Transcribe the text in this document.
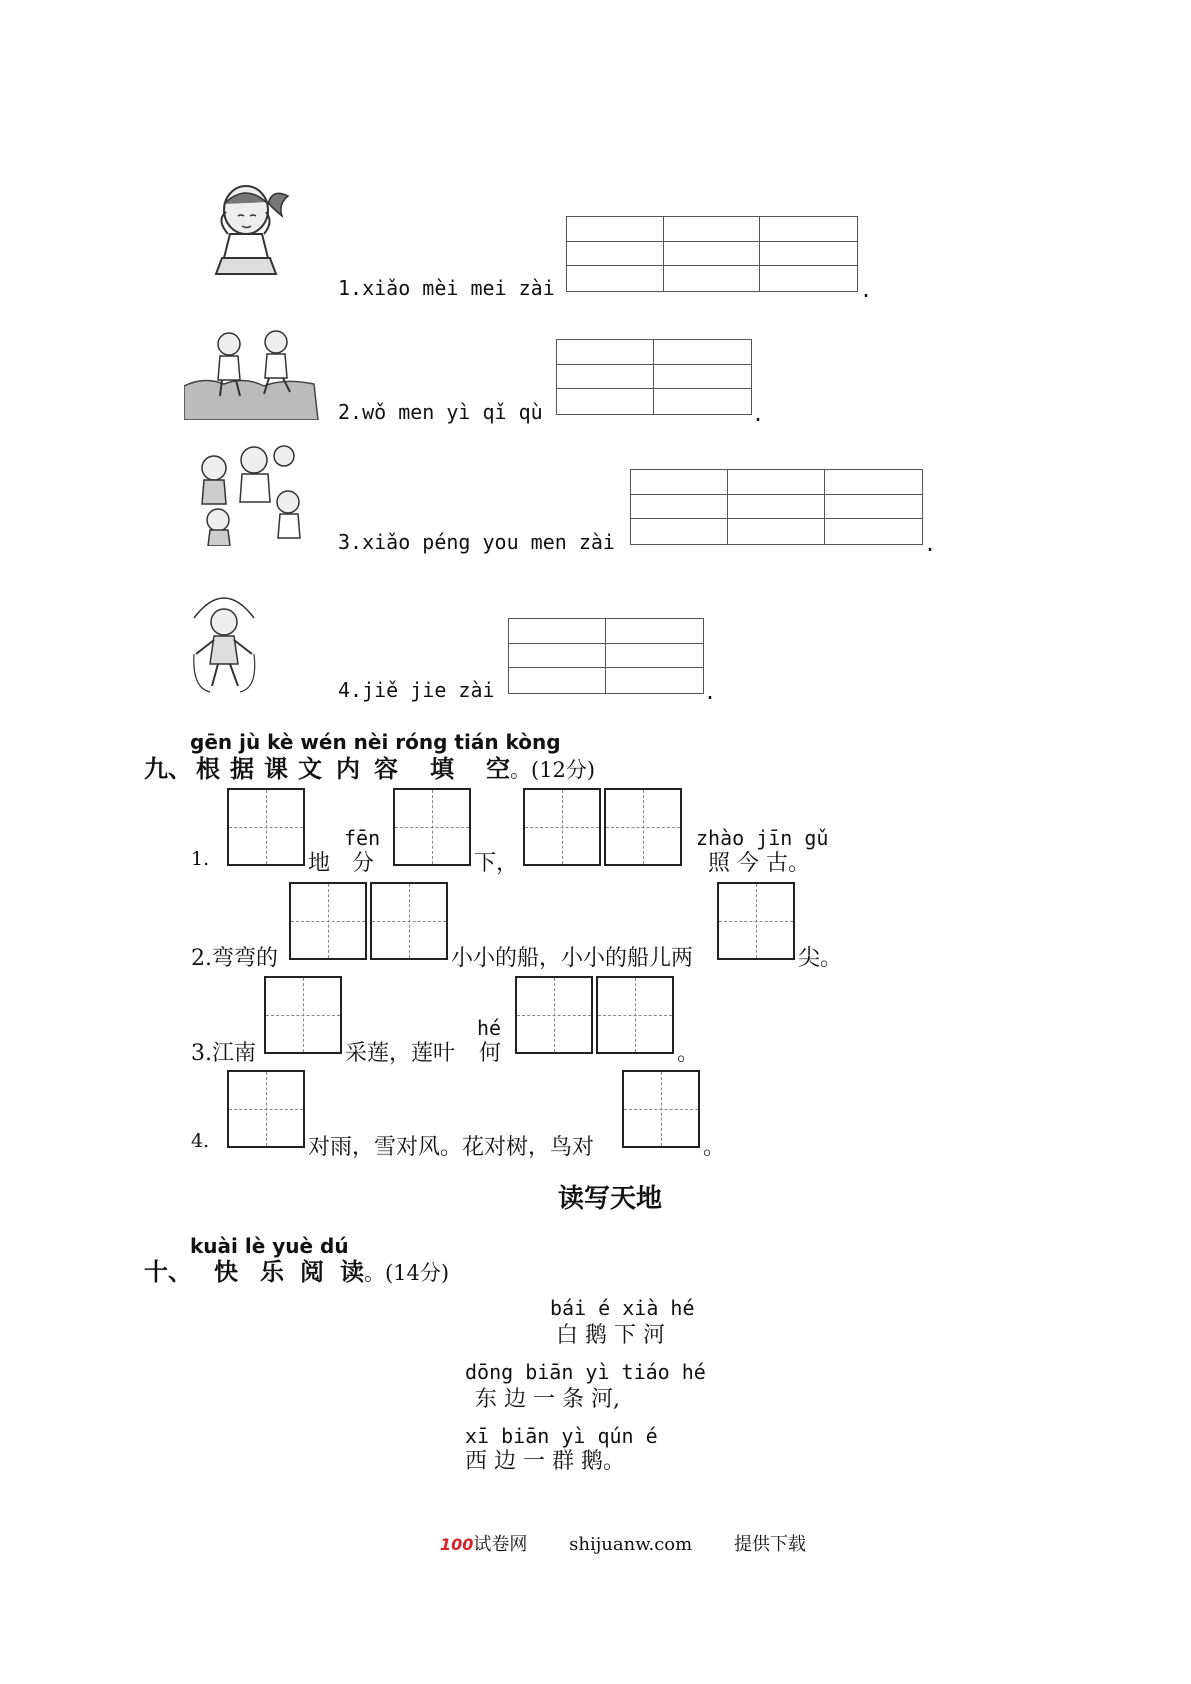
1.xiǎo mèi mei zài	.
2.wǒ men yì qǐ qù	.
3.xiǎo péng you men zài	.
4.jiě jie zài	.
gēn jù kè wén nèi róng tián kòng
九、 根 据 课 文 内 容 填 空。(12分)
1.	地
fēn
分	下，
zhào jīn gǔ
照 今 古。
2.弯弯的	小小的船，小小的船儿两	尖。
3.江南	采莲，莲叶
hé
何	。
4.	对雨，雪对风。花对树，鸟对	。
读写天地
kuài lè yuè dú
十、 快 乐 阅 读。(14分)
bái é xià hé
白 鹅 下 河
dōng biān yì tiáo hé
东 边 一 条 河,
xī biān yì qún é
西 边 一 群 鹅。
100试卷网 shijuanw.com 提供下载
